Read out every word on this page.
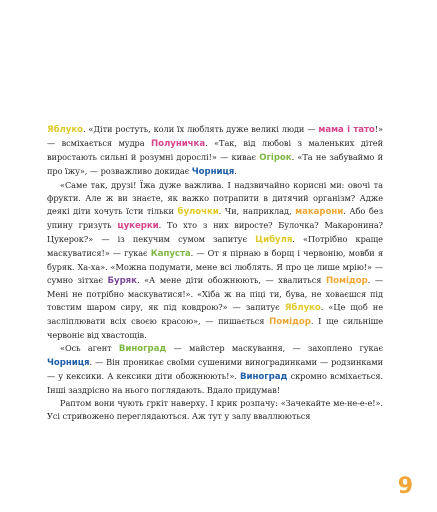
Яблуко. «Діти ростуть, коли їх люблять дуже великі люди — мама і тато!» — всміхається мудра Полуничка. «Так, від любові з маленьких дітей виростають сильні й розумні дорослі!» — киває Огірок. «Та не забуваймо й про їжу», — розважливо докидає Чорниця.

«Саме так, друзі! Їжа дуже важлива. І надзвичайно корисні ми: овочі та фрукти. Але ж ви знаєте, як важко потрапити в дитячий організм? Адже деякі діти хочуть їсти тільки булочки. Чи, наприклад, макарони. Або без упину гризуть цукерки. То хто з них виросте? Булочка? Макаронина? Цукерок?» — із пекучим сумом запитує Цибуля. «Потрібно краще маскуватися!» — гукає Капуста. — От я пірнаю в борщ і червонію, мовби я буряк. Ха-ха». «Можна подумати, мене всі люблять. Я про це лише мрію!» — сумно зітхає Буряк. «А мене діти обожнюють, — хвалиться Помідор. — Мені не потрібно маскуватися!». «Хіба ж на піці ти, бува, не ховаєшся під товстим шаром сиру, як під ковдрою?» — запитує Яблуко. «Це щоб не засліплювати всіх своєю красою», — пишається Помідор. І ще сильніше червоніє від хвастощів.

«Ось агент Виноград — майстер маскування, — захоплено гукає Чорниця. — Він проникає своїми сушеними виноградинками — родзинками — у кексики. А кексики діти обожнюють!». Виноград скромно всміхається. Інші заздрісно на нього поглядають. Вдало придумав!

Раптом вони чують гркіт наверху. І крик розпачу: «Зачекайте ме-не-е-е!». Усі стривожено переглядаються. Аж тут у залу вваллюються

9
